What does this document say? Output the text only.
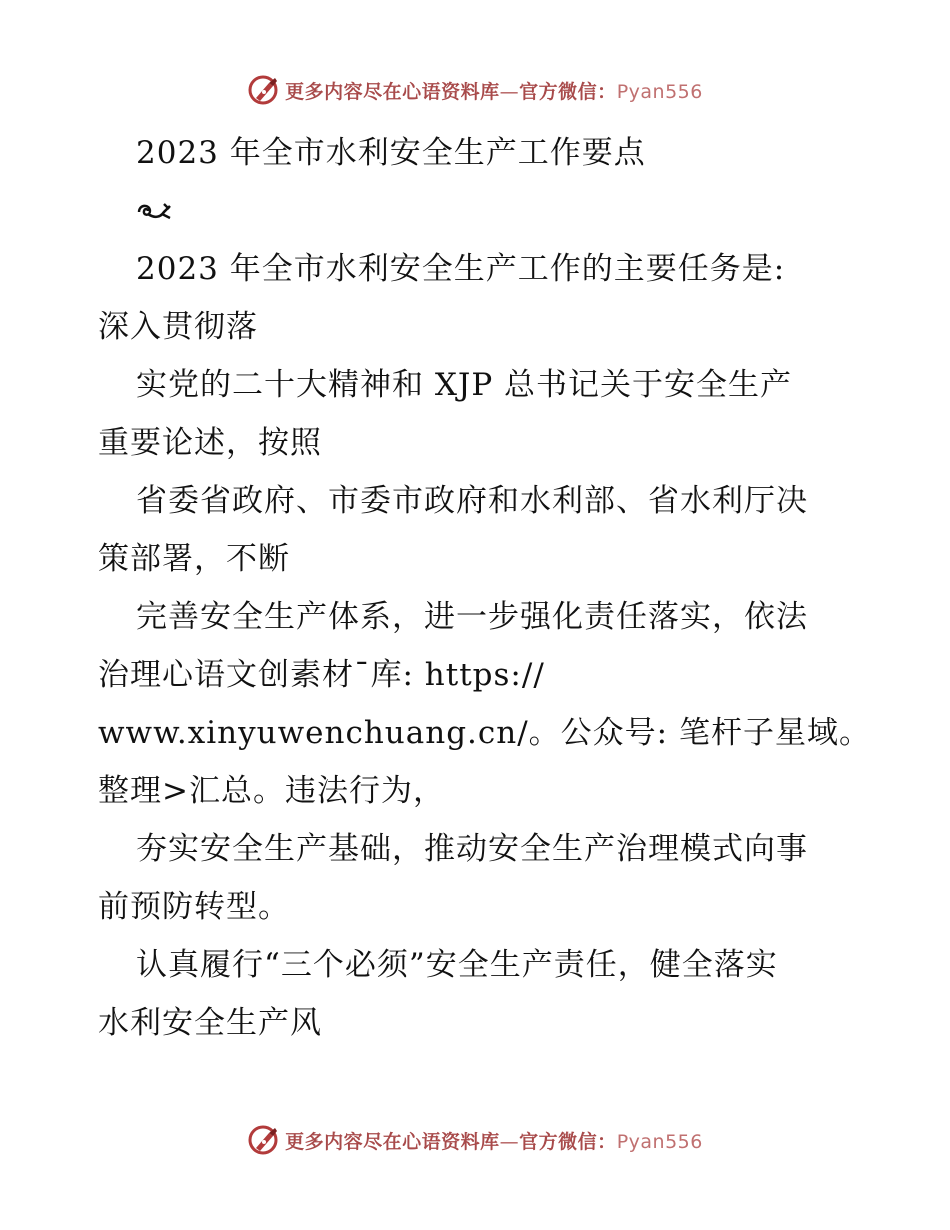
更多内容尽在心语资料库—官方微信：Pyan556
2023 年全市水利安全生产工作要点
2023 年全市水利安全生产工作的主要任务是:
深入贯彻落
实党的二十大精神和 XJP 总书记关于安全生产
重要论述，按照
省委省政府、市委市政府和水利部、省水利厅决
策部署，不断
完善安全生产体系，进一步强化责任落实，依法
治理心语文创素材¯库: https://
www.xinyuwenchuang.cn/。公众号: 笔杆子星域。
整理>汇总。违法行为，
夯实安全生产基础，推动安全生产治理模式向事
前预防转型。
认真履行“三个必须”安全生产责任，健全落实
水利安全生产风
更多内容尽在心语资料库—官方微信：Pyan556
